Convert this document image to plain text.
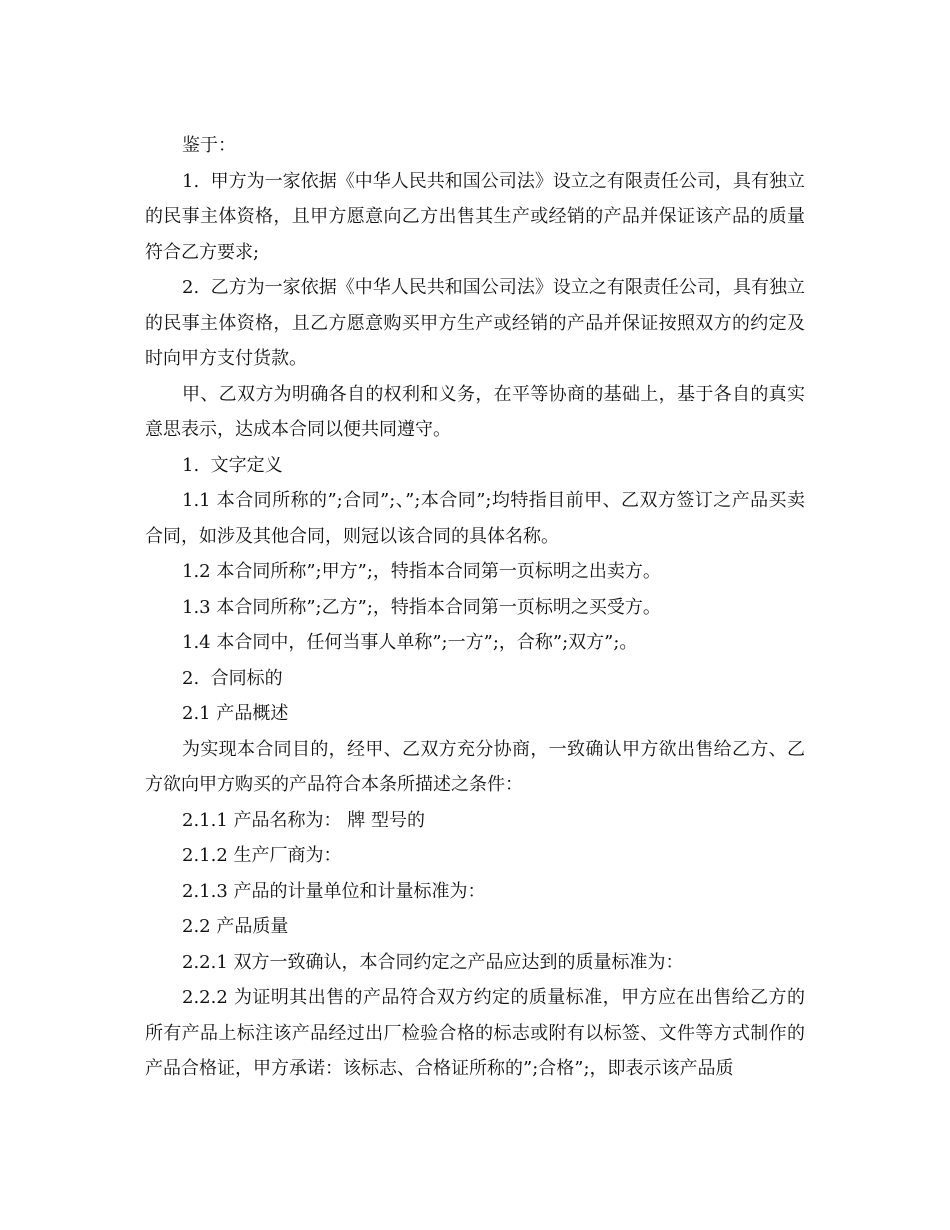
鉴于：

1.  甲方为一家依据《中华人民共和国公司法》设立之有限责任公司，具有独立的民事主体资格，且甲方愿意向乙方出售其生产或经销的产品并保证该产品的质量符合乙方要求;

2.  乙方为一家依据《中华人民共和国公司法》设立之有限责任公司，具有独立的民事主体资格，且乙方愿意购买甲方生产或经销的产品并保证按照双方的约定及时向甲方支付货款。

甲、乙双方为明确各自的权利和义务，在平等协商的基础上，基于各自的真实意思表示，达成本合同以便共同遵守。

1.  文字定义

1.1 本合同所称的”;合同”;、”;本合同”;均特指目前甲、乙双方签订之产品买卖合同，如涉及其他合同，则冠以该合同的具体名称。

1.2 本合同所称”;甲方”;，特指本合同第一页标明之出卖方。

1.3 本合同所称”;乙方”;，特指本合同第一页标明之买受方。

1.4 本合同中，任何当事人单称”;一方”;，合称”;双方”;。

2.  合同标的

2.1 产品概述

为实现本合同目的，经甲、乙双方充分协商，一致确认甲方欲出售给乙方、乙方欲向甲方购买的产品符合本条所描述之条件：

2.1.1 产品名称为： 牌 型号的

2.1.2 生产厂商为：

2.1.3 产品的计量单位和计量标准为：

2.2 产品质量

2.2.1 双方一致确认，本合同约定之产品应达到的质量标准为：

2.2.2 为证明其出售的产品符合双方约定的质量标准，甲方应在出售给乙方的所有产品上标注该产品经过出厂检验合格的标志或附有以标签、文件等方式制作的产品合格证，甲方承诺：该标志、合格证所称的”;合格”;，即表示该产品质
